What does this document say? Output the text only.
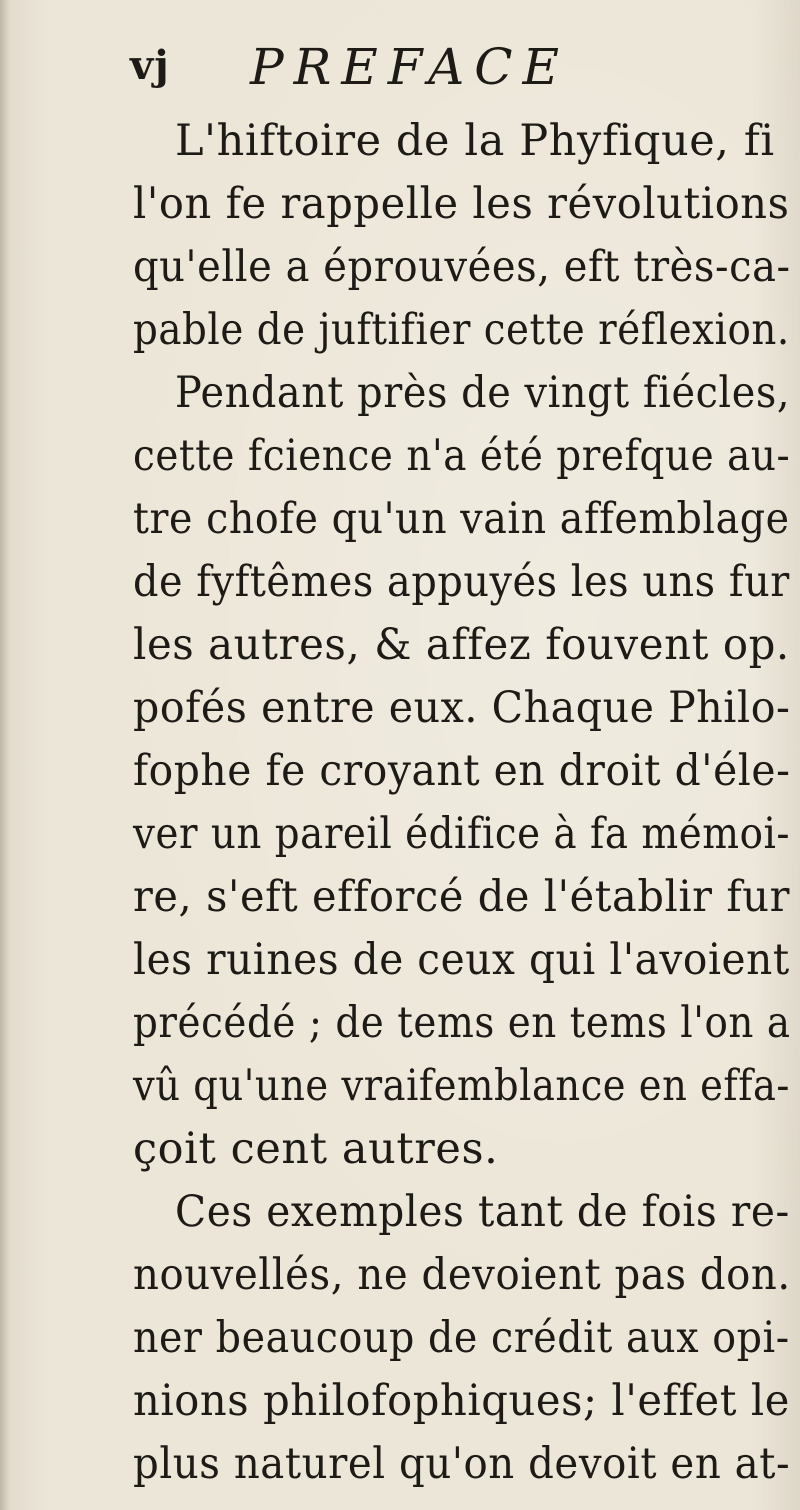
vj PREFACE
L'hiftoire de la Phyfique, fi
l'on fe rappelle les révolutions
qu'elle a éprouvées, eft très-ca-
pable de juftifier cette réflexion.
Pendant près de vingt fiécles,
cette fcience n'a été prefque au-
tre chofe qu'un vain affemblage
de fyftêmes appuyés les uns fur
les autres, & affez fouvent op.
pofés entre eux. Chaque Philo-
fophe fe croyant en droit d'éle-
ver un pareil édifice à fa mémoi-
re, s'eft efforcé de l'établir fur
les ruines de ceux qui l'avoient
précédé ; de tems en tems l'on a
vû qu'une vraifemblance en effa-
çoit cent autres.
Ces exemples tant de fois re-
nouvellés, ne devoient pas don.
ner beaucoup de crédit aux opi-
nions philofophiques; l'effet le
plus naturel qu'on devoit en at-
